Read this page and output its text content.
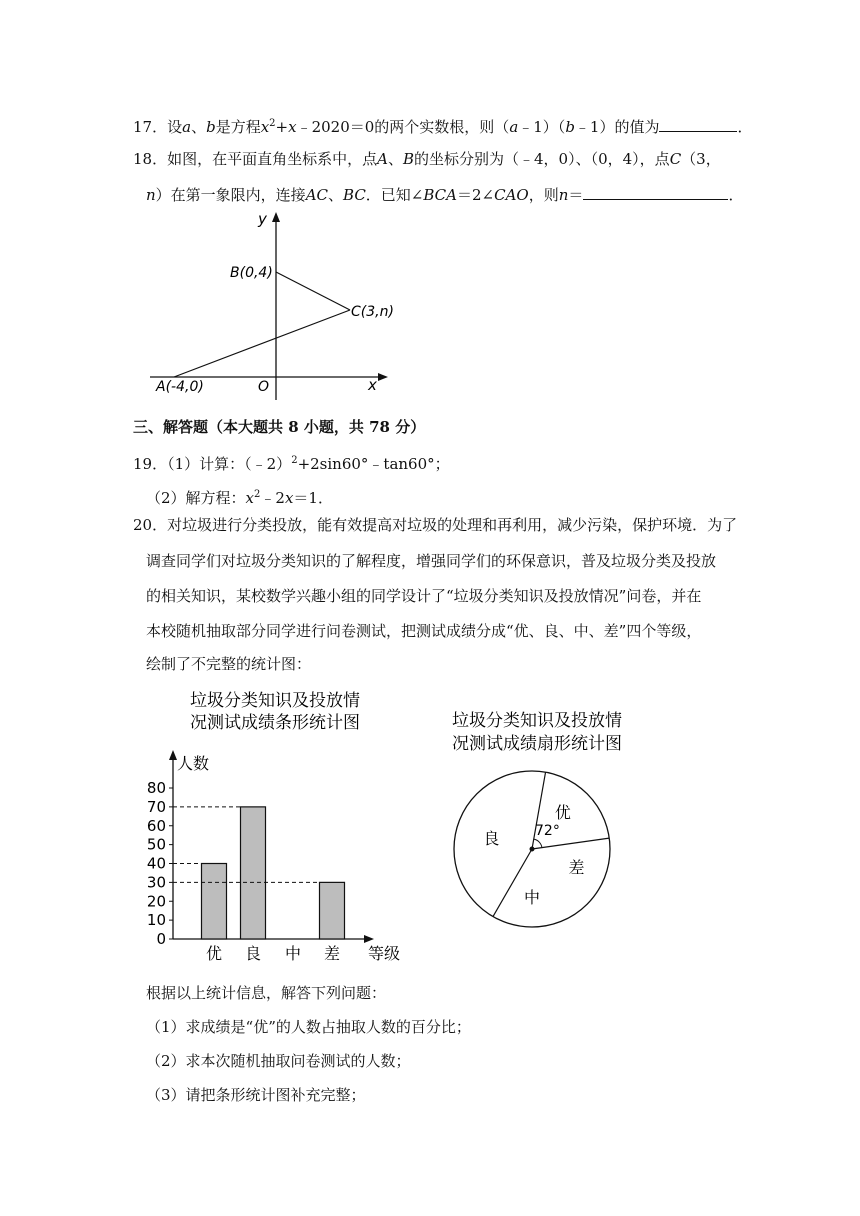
17．设a、b是方程$x^2+x﹣2020=0$的两个实数根，则（a﹣1）（b﹣1）的值为	．
18．如图，在平面直角坐标系中，点A、B的坐标分别为（﹣4，0）、（0，4），点C（3，
n）在第一象限内，连接AC、BC．已知∠BCA＝2∠CAO，则n＝	．
y
x
O
A(-4,0)
B(0,4)
C(3,n)
三、解答题（本大题共 8 小题，共 78 分）
19．（1）计算：（﹣2）$^2$+2sin60°﹣tan60°；
（2）解方程：$x^2﹣2x=1$．
20．对垃圾进行分类投放，能有效提高对垃圾的处理和再利用，减少污染，保护环境．为了
调查同学们对垃圾分类知识的了解程度，增强同学们的环保意识，普及垃圾分类及投放
的相关知识，某校数学兴趣小组的同学设计了“垃圾分类知识及投放情况”问卷，并在
本校随机抽取部分同学进行问卷测试，把测试成绩分成“优、良、中、差”四个等级，
绘制了不完整的统计图：
垃圾分类知识及投放情
况测试成绩条形统计图
人数
等级
0
10
20
30
40
50
60
70
80
优 良 中 差
垃圾分类知识及投放情
况测试成绩扇形统计图
优
良
中
差
72°
根据以上统计信息，解答下列问题：
（1）求成绩是“优”的人数占抽取人数的百分比；
（2）求本次随机抽取问卷测试的人数；
（3）请把条形统计图补充完整；
